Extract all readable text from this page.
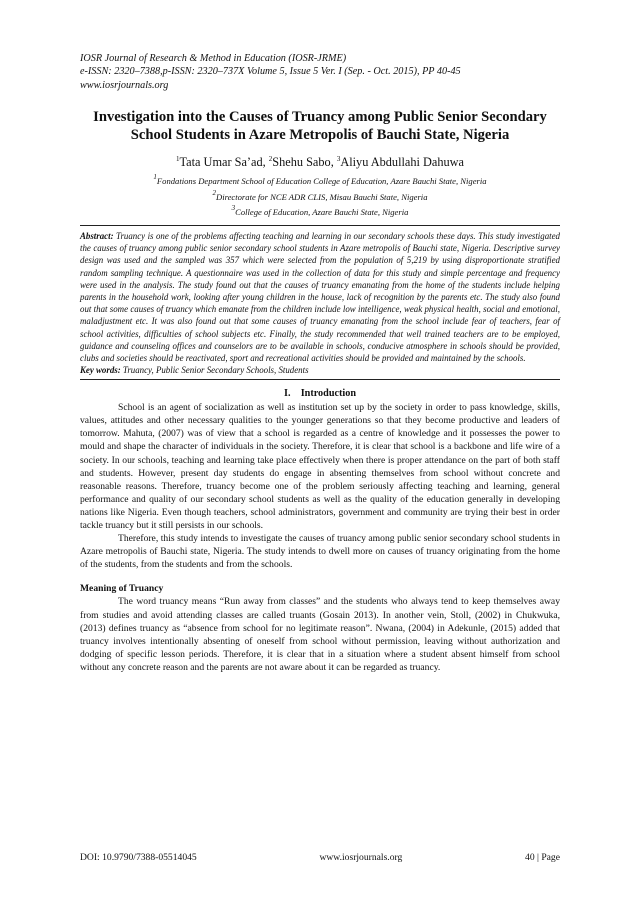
IOSR Journal of Research & Method in Education (IOSR-JRME)
e-ISSN: 2320–7388,p-ISSN: 2320–737X Volume 5, Issue 5 Ver. I (Sep. - Oct. 2015), PP 40-45
www.iosrjournals.org
Investigation into the Causes of Truancy among Public Senior Secondary School Students in Azare Metropolis of Bauchi State, Nigeria
$^1$Tata Umar Sa’ad, $^2$Shehu Sabo, $^3$Aliyu Abdullahi Dahuwa
$^1$Fondations Department School of Education College of Education, Azare Bauchi State, Nigeria
$^2$Directorate for NCE ADR CLIS, Misau Bauchi State, Nigeria
$^3$College of Education, Azare Bauchi State, Nigeria
Abstract: Truancy is one of the problems affecting teaching and learning in our secondary schools these days. This study investigated the causes of truancy among public senior secondary school students in Azare metropolis of Bauchi state, Nigeria. Descriptive survey design was used and the sampled was 357 which were selected from the population of 5,219 by using disproportionate stratified random sampling technique. A questionnaire was used in the collection of data for this study and simple percentage and frequency were used in the analysis. The study found out that the causes of truancy emanating from the home of the students include helping parents in the household work, looking after young children in the house, lack of recognition by the parents etc. The study also found out that some causes of truancy which emanate from the children include low intelligence, weak physical health, social and emotional, maladjustment etc. It was also found out that some causes of truancy emanating from the school include fear of teachers, fear of school activities, difficulties of school subjects etc. Finally, the study recommended that well trained teachers are to be employed, guidance and counseling offices and counselors are to be available in schools, conducive atmosphere in schools should be provided, clubs and societies should be reactivated, sport and recreational activities should be provided and maintained by the schools.
Key words: Truancy, Public Senior Secondary Schools, Students
I.    Introduction

School is an agent of socialization as well as institution set up by the society in order to pass knowledge, skills, values, attitudes and other necessary qualities to the younger generations so that they become productive and leaders of tomorrow. Mahuta, (2007) was of view that a school is regarded as a centre of knowledge and it possesses the power to mould and shape the character of individuals in the society. Therefore, it is clear that school is a backbone and life wire of a society. In our schools, teaching and learning take place effectively when there is proper attendance on the part of both staff and students. However, present day students do engage in absenting themselves from school without concrete and reasonable reasons. Therefore, truancy become one of the problem seriously affecting teaching and learning, general performance and quality of our secondary school students as well as the quality of the education generally in developing nations like Nigeria. Even though teachers, school administrators, government and community are trying their best in order tackle truancy but it still persists in our schools.

Therefore, this study intends to investigate the causes of truancy among public senior secondary school students in Azare metropolis of Bauchi state, Nigeria. The study intends to dwell more on causes of truancy originating from the home of the students, from the students and from the schools.

Meaning of Truancy

The word truancy means “Run away from classes” and the students who always tend to keep themselves away from studies and avoid attending classes are called truants (Gosain 2013). In another vein, Stoll, (2002) in Chukwuka, (2013) defines truancy as “absence from school for no legitimate reason”. Nwana, (2004) in Adekunle, (2015) added that truancy involves intentionally absenting of oneself from school without permission, leaving without authorization and dodging of specific lesson periods. Therefore, it is clear that in a situation where a student absent himself from school without any concrete reason and the parents are not aware about it can be regarded as truancy.

DOI: 10.9790/7388-05514045	www.iosrjournals.org	40 | Page
